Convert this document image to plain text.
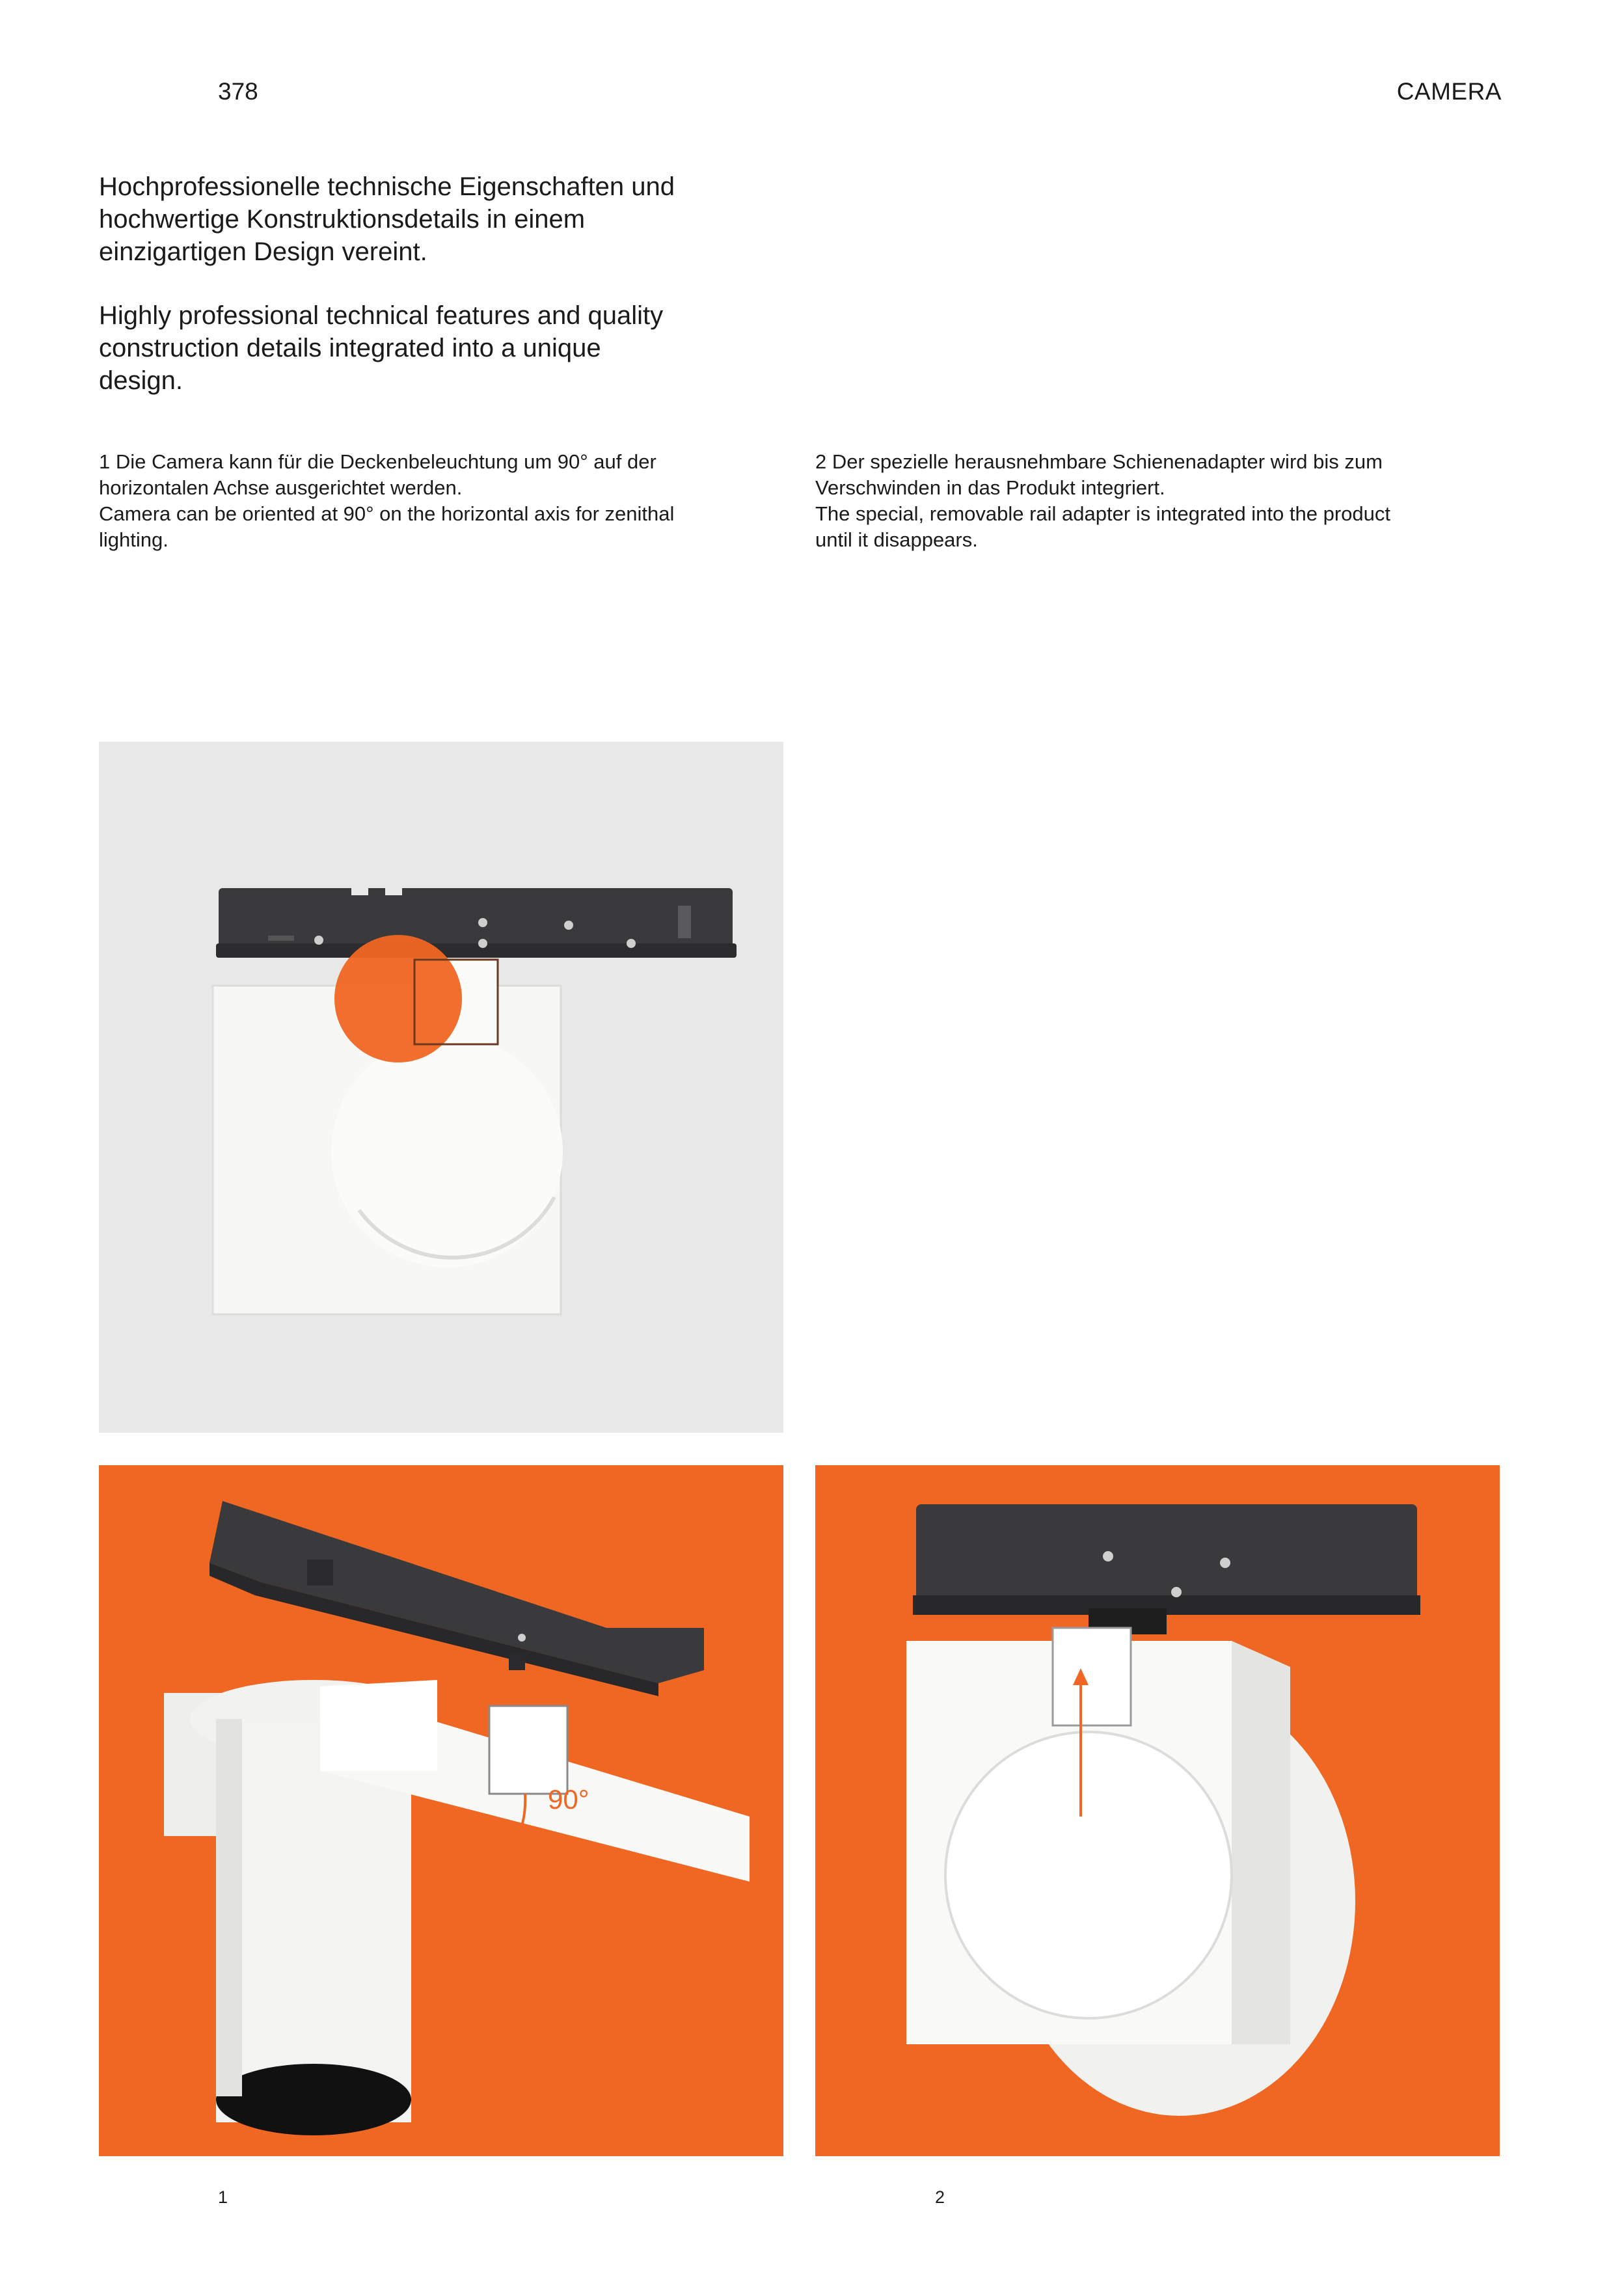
378	CAMERA
Hochprofessionelle technische Eigenschaften und hochwertige Konstruktionsdetails in einem einzigartigen Design vereint.
Highly professional technical features and quality construction details integrated into a unique design.
1 Die Camera kann für die Deckenbeleuchtung um 90° auf der horizontalen Achse ausgerichtet werden.
Camera can be oriented at 90° on the horizontal axis for zenithal lighting.
2 Der spezielle herausnehmbare Schienenadapter wird bis zum Verschwinden in das Produkt integriert.
The special, removable rail adapter is integrated into the product until it disappears.
90°
1	2
